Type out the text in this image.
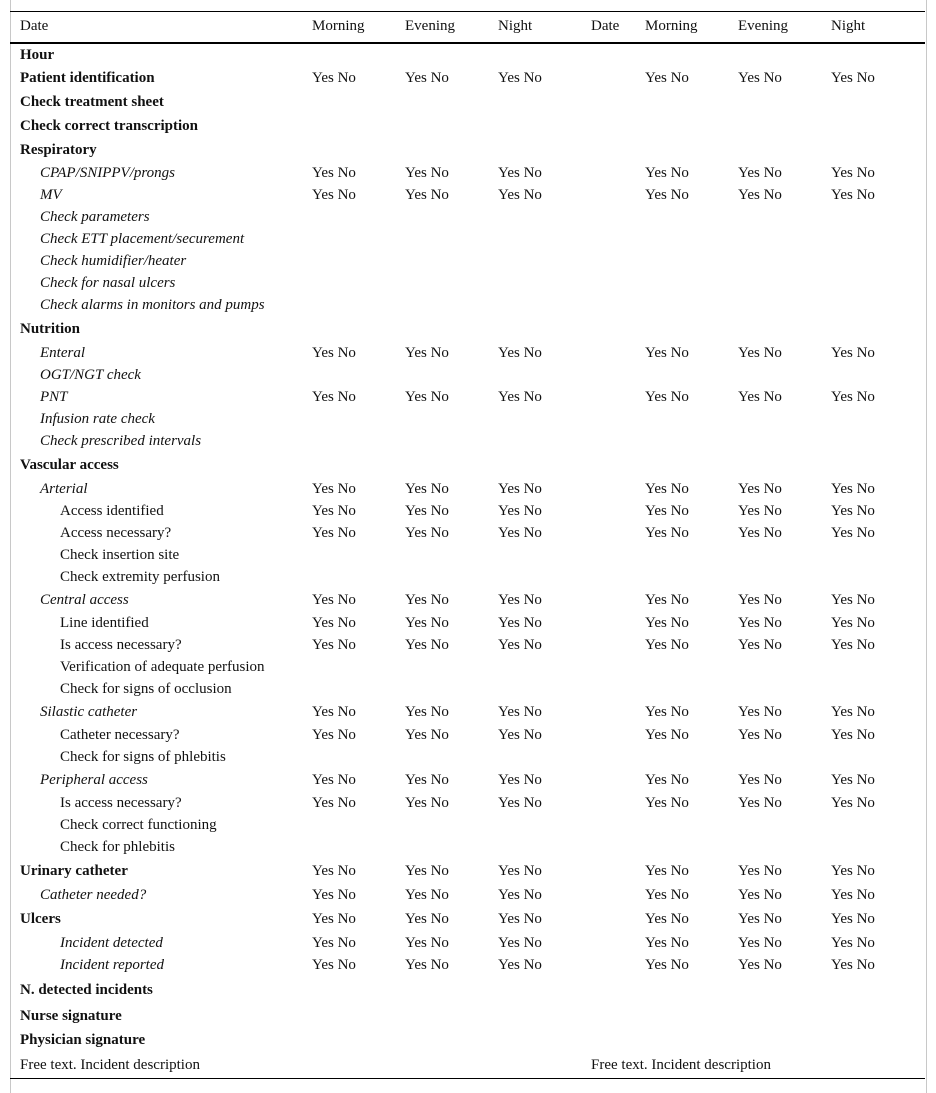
Date	Morning	Evening	Night	Date	Morning	Evening	Night
Hour							
Patient identification	Yes No	Yes No	Yes No		Yes No	Yes No	Yes No
Check treatment sheet							
Check correct transcription							
Respiratory							
CPAP/SNIPPV/prongs	Yes No	Yes No	Yes No		Yes No	Yes No	Yes No
MV	Yes No	Yes No	Yes No		Yes No	Yes No	Yes No
Check parameters							
Check ETT placement/securement							
Check humidifier/heater							
Check for nasal ulcers							
Check alarms in monitors and pumps							
Nutrition							
Enteral	Yes No	Yes No	Yes No		Yes No	Yes No	Yes No
OGT/NGT check							
PNT	Yes No	Yes No	Yes No		Yes No	Yes No	Yes No
Infusion rate check							
Check prescribed intervals							
Vascular access							
Arterial	Yes No	Yes No	Yes No		Yes No	Yes No	Yes No
Access identified	Yes No	Yes No	Yes No		Yes No	Yes No	Yes No
Access necessary?	Yes No	Yes No	Yes No		Yes No	Yes No	Yes No
Check insertion site							
Check extremity perfusion							
Central access	Yes No	Yes No	Yes No		Yes No	Yes No	Yes No
Line identified	Yes No	Yes No	Yes No		Yes No	Yes No	Yes No
Is access necessary?	Yes No	Yes No	Yes No		Yes No	Yes No	Yes No
Verification of adequate perfusion							
Check for signs of occlusion							
Silastic catheter	Yes No	Yes No	Yes No		Yes No	Yes No	Yes No
Catheter necessary?	Yes No	Yes No	Yes No		Yes No	Yes No	Yes No
Check for signs of phlebitis							
Peripheral access	Yes No	Yes No	Yes No		Yes No	Yes No	Yes No
Is access necessary?	Yes No	Yes No	Yes No		Yes No	Yes No	Yes No
Check correct functioning							
Check for phlebitis							
Urinary catheter	Yes No	Yes No	Yes No		Yes No	Yes No	Yes No
Catheter needed?	Yes No	Yes No	Yes No		Yes No	Yes No	Yes No
Ulcers	Yes No	Yes No	Yes No		Yes No	Yes No	Yes No
Incident detected	Yes No	Yes No	Yes No		Yes No	Yes No	Yes No
Incident reported	Yes No	Yes No	Yes No		Yes No	Yes No	Yes No
N. detected incidents							
Nurse signature							
Physician signature							
Free text. Incident description				Free text. Incident description			
